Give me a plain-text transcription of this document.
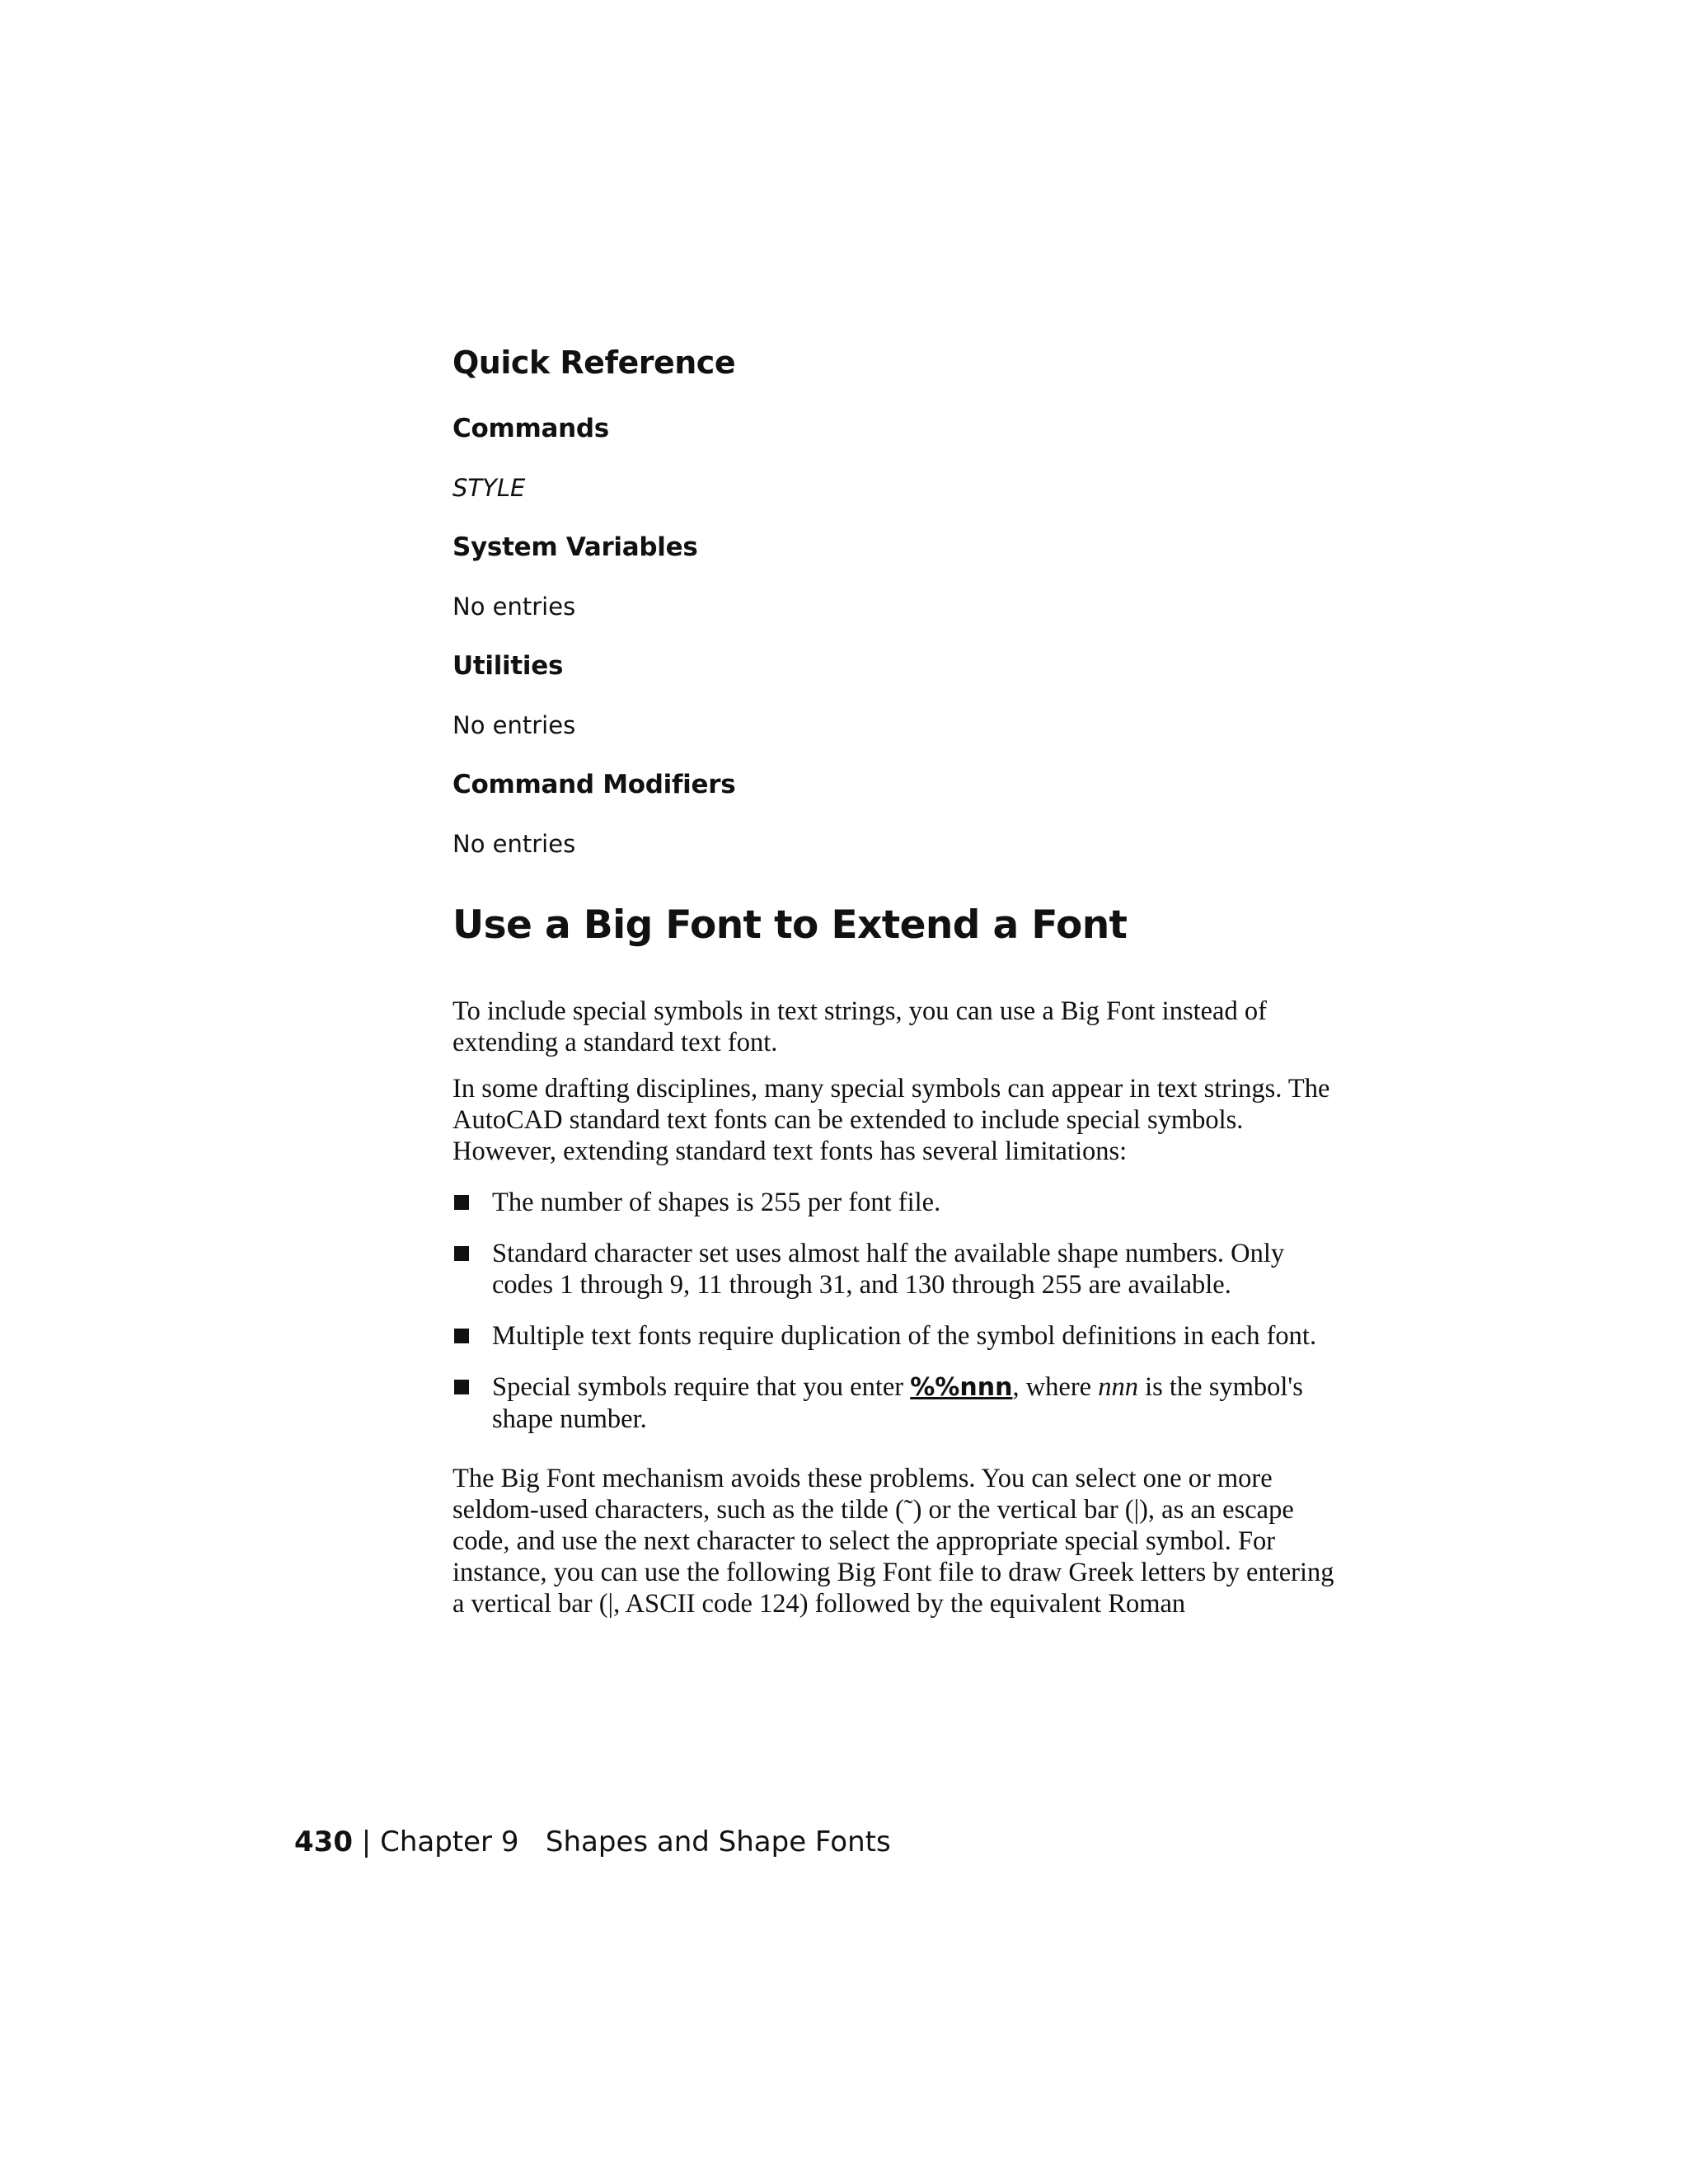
Quick Reference
Commands

STYLE

System Variables

No entries

Utilities

No entries

Command Modifiers

No entries

Use a Big Font to Extend a Font

To include special symbols in text strings, you can use a Big Font instead of extending a standard text font.

In some drafting disciplines, many special symbols can appear in text strings. The AutoCAD standard text fonts can be extended to include special symbols. However, extending standard text fonts has several limitations:

The number of shapes is 255 per font file.
Standard character set uses almost half the available shape numbers. Only codes 1 through 9, 11 through 31, and 130 through 255 are available.
Multiple text fonts require duplication of the symbol definitions in each font.
Special symbols require that you enter %%nnn, where nnn is the symbol's shape number.

The Big Font mechanism avoids these problems. You can select one or more seldom-used characters, such as the tilde (˜) or the vertical bar (|), as an escape code, and use the next character to select the appropriate special symbol. For instance, you can use the following Big Font file to draw Greek letters by entering a vertical bar (|, ASCII code 124) followed by the equivalent Roman

430 | Chapter 9 Shapes and Shape Fonts
